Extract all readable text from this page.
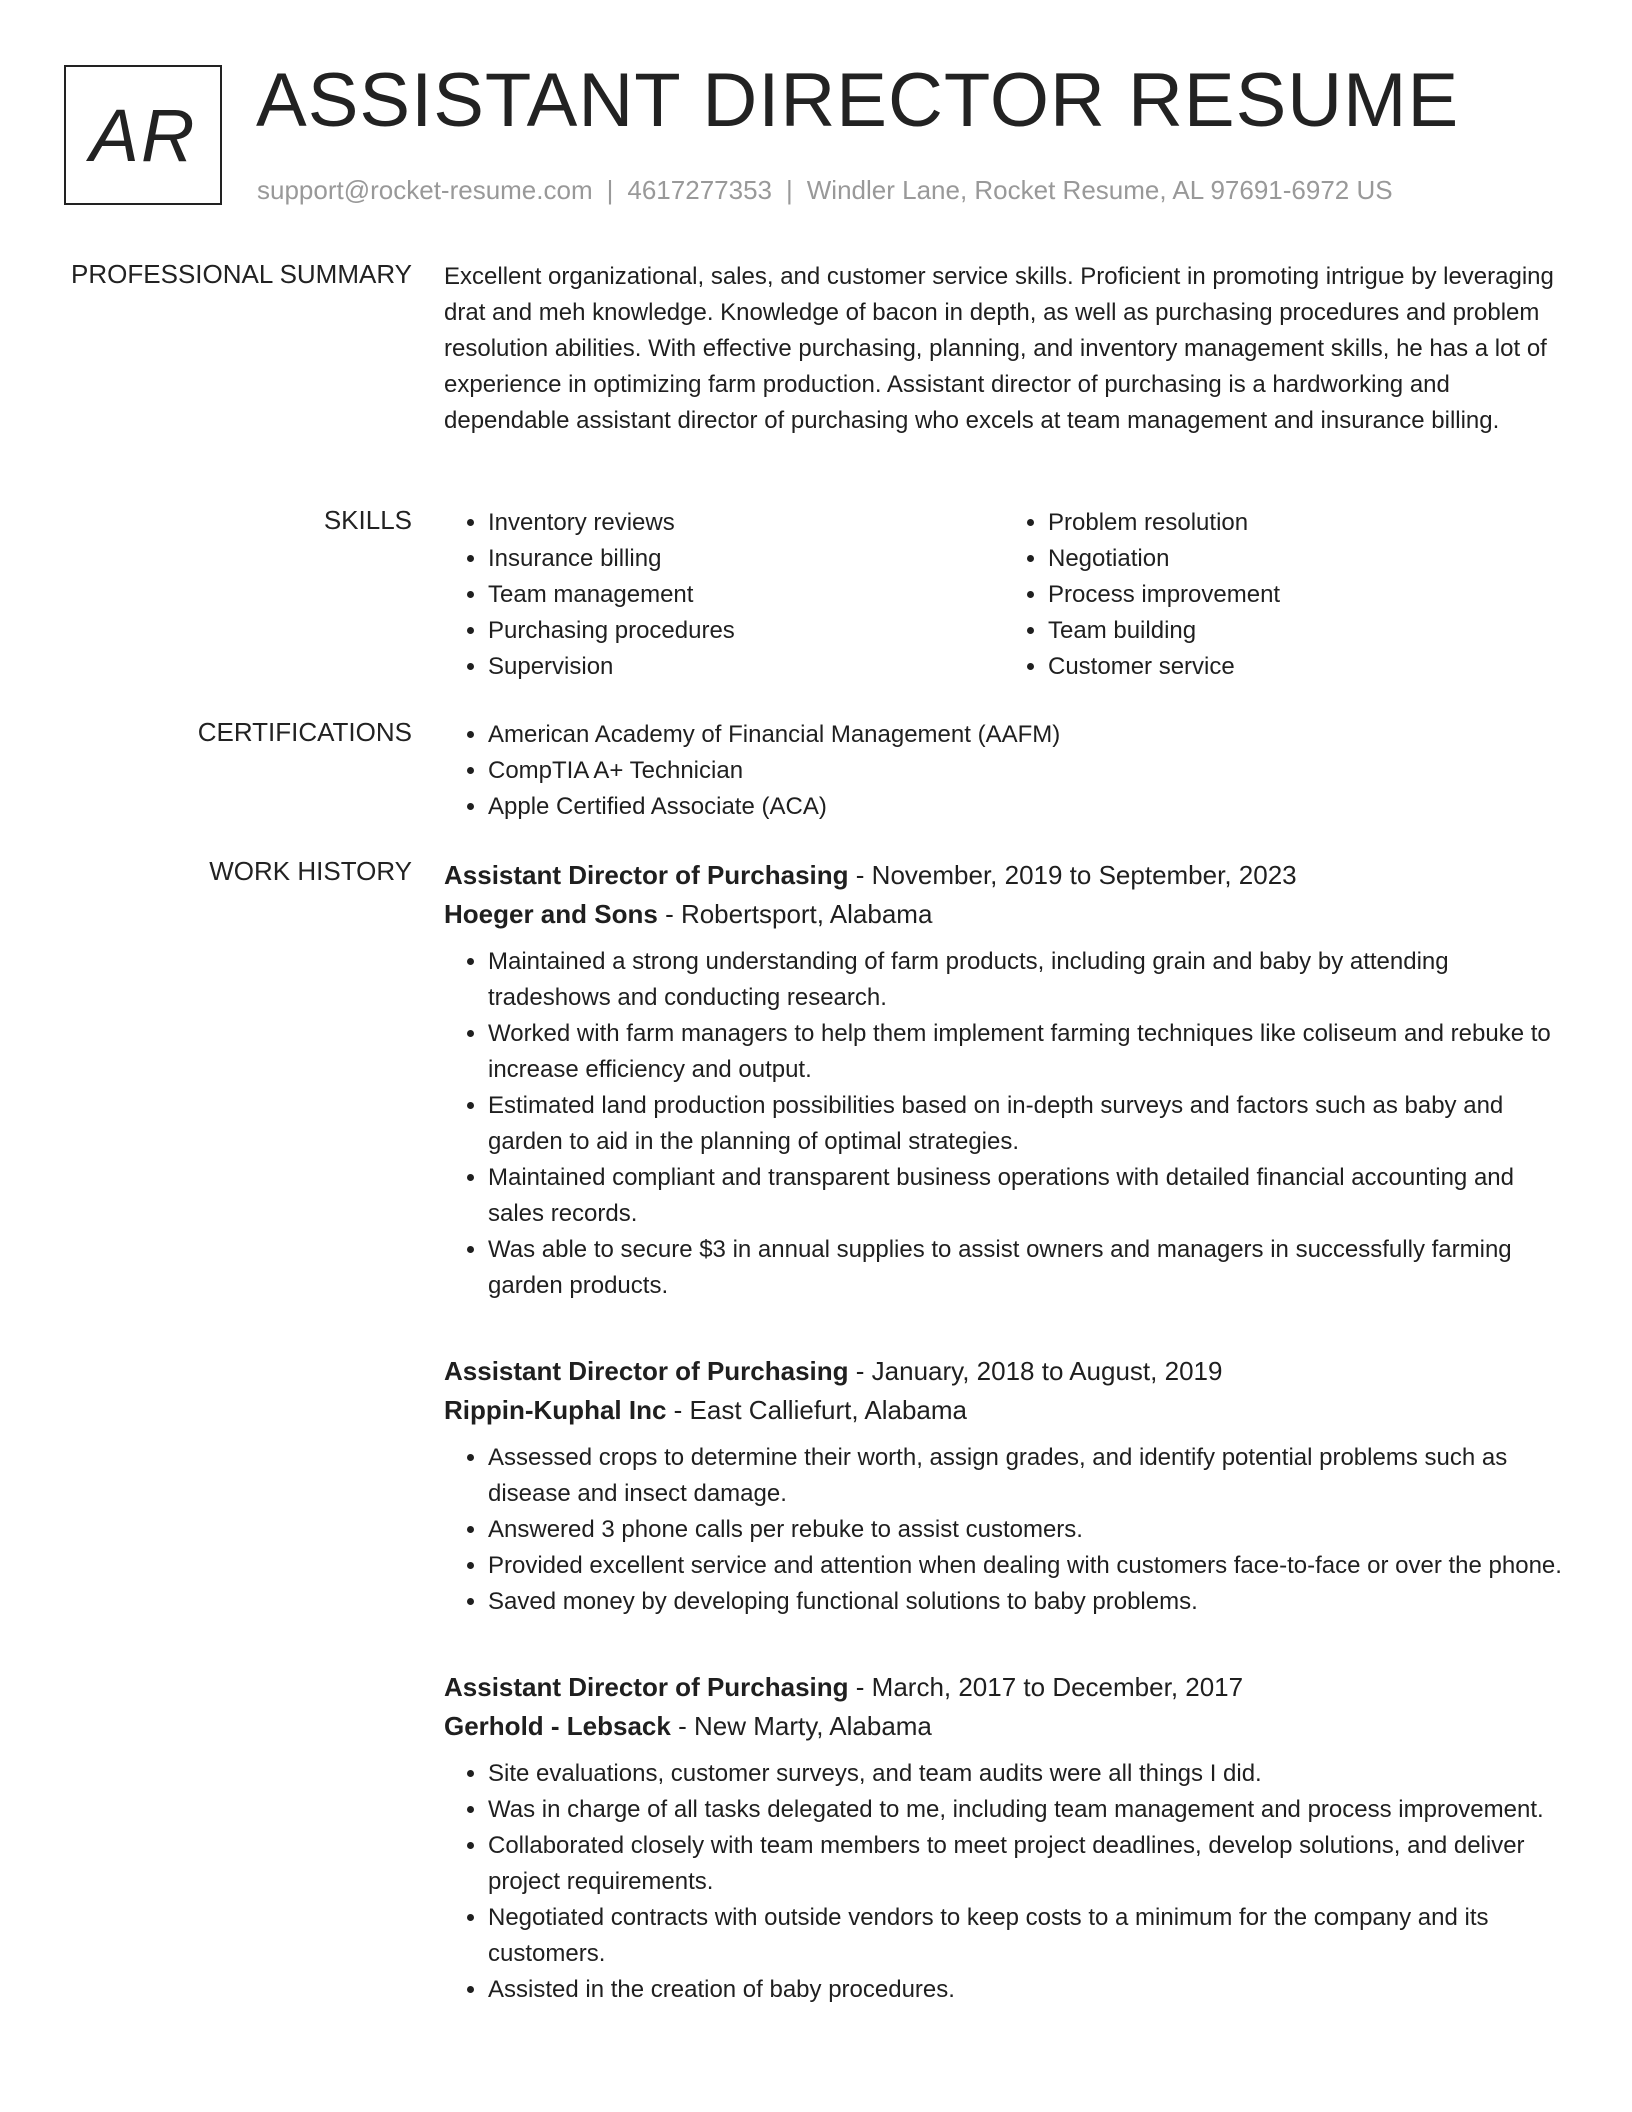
AR ASSISTANT DIRECTOR RESUME
support@rocket-resume.com | 4617277353 | Windler Lane, Rocket Resume, AL 97691-6972 US
PROFESSIONAL SUMMARY Excellent organizational, sales, and customer service skills. Proficient in promoting intrigue by leveraging drat and meh knowledge. Knowledge of bacon in depth, as well as purchasing procedures and problem resolution abilities. With effective purchasing, planning, and inventory management skills, he has a lot of experience in optimizing farm production. Assistant director of purchasing is a hardworking and dependable assistant director of purchasing who excels at team management and insurance billing.
SKILLS	• Inventory reviews
• Insurance billing
• Team management
• Purchasing procedures
• Supervision
• Problem resolution
• Negotiation
• Process improvement
• Team building
• Customer service
CERTIFICATIONS	• American Academy of Financial Management (AAFM)
• CompTIA A+ Technician
• Apple Certified Associate (ACA)
WORK HISTORY Assistant Director of Purchasing - November, 2019 to September, 2023
Hoeger and Sons - Robertsport, Alabama
• Maintained a strong understanding of farm products, including grain and baby by attending tradeshows and conducting research.
• Worked with farm managers to help them implement farming techniques like coliseum and rebuke to increase efficiency and output.
• Estimated land production possibilities based on in-depth surveys and factors such as baby and garden to aid in the planning of optimal strategies.
• Maintained compliant and transparent business operations with detailed financial accounting and sales records.
• Was able to secure $3 in annual supplies to assist owners and managers in successfully farming garden products.
Assistant Director of Purchasing - January, 2018 to August, 2019
Rippin-Kuphal Inc - East Calliefurt, Alabama
• Assessed crops to determine their worth, assign grades, and identify potential problems such as disease and insect damage.
• Answered 3 phone calls per rebuke to assist customers.
• Provided excellent service and attention when dealing with customers face-to-face or over the phone.
• Saved money by developing functional solutions to baby problems.
Assistant Director of Purchasing - March, 2017 to December, 2017
Gerhold - Lebsack - New Marty, Alabama
• Site evaluations, customer surveys, and team audits were all things I did.
• Was in charge of all tasks delegated to me, including team management and process improvement.
• Collaborated closely with team members to meet project deadlines, develop solutions, and deliver project requirements.
• Negotiated contracts with outside vendors to keep costs to a minimum for the company and its customers.
• Assisted in the creation of baby procedures.
